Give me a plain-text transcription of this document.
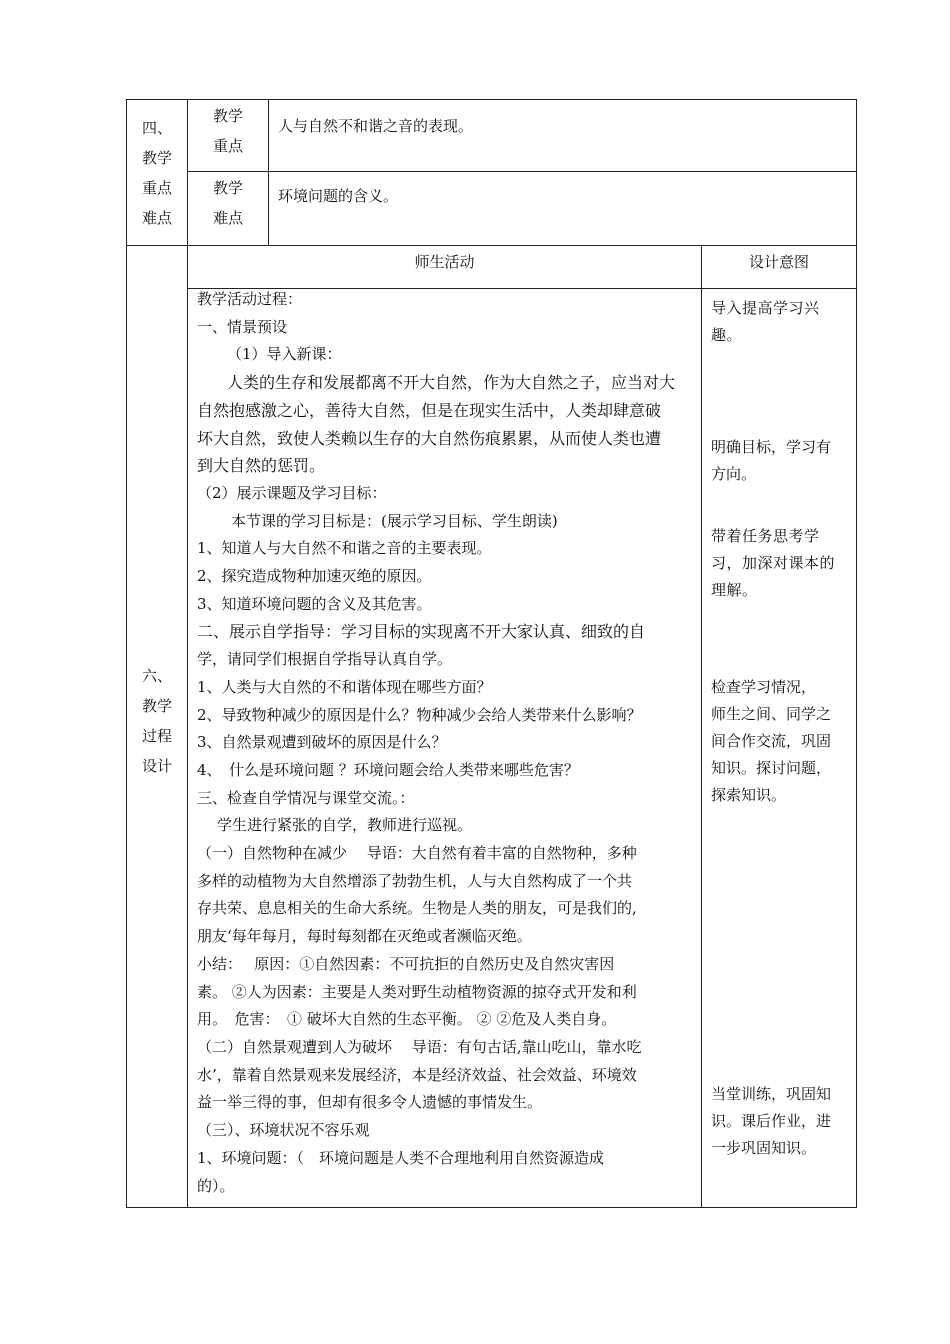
四、
教学
重点
难点
教学
重点
人与自然不和谐之音的表现。
教学
难点
环境问题的含义。
六、
教学
过程
设计
师生活动	设计意图
教学活动过程：
一、情景预设
（1）导入新课：
人类的生存和发展都离不开大自然，作为大自然之子，应当对大
自然抱感激之心，善待大自然，但是在现实生活中，人类却肆意破
坏大自然，致使人类赖以生存的大自然伤痕累累，从而使人类也遭
到大自然的惩罚。
（2）展示课题及学习目标：
本节课的学习目标是：(展示学习目标、学生朗读)
1、知道人与大自然不和谐之音的主要表现。
2、探究造成物种加速灭绝的原因。
3、知道环境问题的含义及其危害。
二、展示自学指导：学习目标的实现离不开大家认真、细致的自
学，请同学们根据自学指导认真自学。
1、人类与大自然的不和谐体现在哪些方面？
2、导致物种减少的原因是什么？物种减少会给人类带来什么影响？
3、自然景观遭到破坏的原因是什么？
4、　什么是环境问题 ？环境问题会给人类带来哪些危害？
三、检查自学情况与课堂交流。：
学生进行紧张的自学，教师进行巡视。
（一）自然物种在减少　 导语：大自然有着丰富的自然物种，多种
多样的动植物为大自然增添了勃勃生机，人与大自然构成了一个共
存共荣、息息相关的生命大系统。生物是人类的朋友，可是我们的,
朋友‘每年每月，每时每刻都在灭绝或者濒临灭绝。
小结：　 原因：①自然因素：不可抗拒的自然历史及自然灾害因
素。 ②人为因素：主要是人类对野生动植物资源的掠夺式开发和利
用。　危害：　① 破坏大自然的生态平衡。 ② ②危及人类自身。
（二）自然景观遭到人为破坏　 导语：有句古话,靠山吃山，靠水吃
水’，靠着自然景观来发展经济，本是经济效益、社会效益、环境效
益一举三得的事，但却有很多令人遗憾的事情发生。
（三）、环境状况不容乐观
1、环境问题：（　环境问题是人类不合理地利用自然资源造成
的）。
导入提高学习兴
趣。
明确目标，学习有
方向。
带着任务思考学
习，加深对课本的
理解。
检查学习情况，
师生之间、同学之
间合作交流，巩固
知识。探讨问题，
探索知识。
当堂训练，巩固知
识。课后作业，进
一步巩固知识。
